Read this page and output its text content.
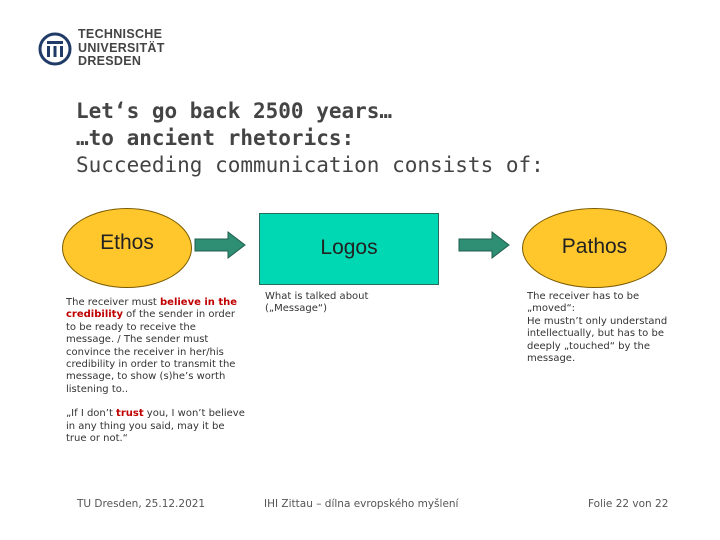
TECHNISCHE
UNIVERSITÄT
DRESDEN
Let‘s go back 2500 years…
…to ancient rhetorics:
Succeeding communication consists of:
Ethos	Logos	Pathos
The receiver must believe in the credibility of the sender in order to be ready to receive the message. / The sender must convince the receiver in her/his credibility in order to transmit the message, to show (s)he’s worth listening to..
„If I don’t trust you, I won’t believe in any thing you said, may it be true or not.“
What is talked about („Message“)
The receiver has to be „moved“:
He mustn’t only understand intellectually, but has to be deeply „touched“ by the message.
TU Dresden, 25.12.2021	IHI Zittau – dílna evropského myšlení	Folie 22 von 22
